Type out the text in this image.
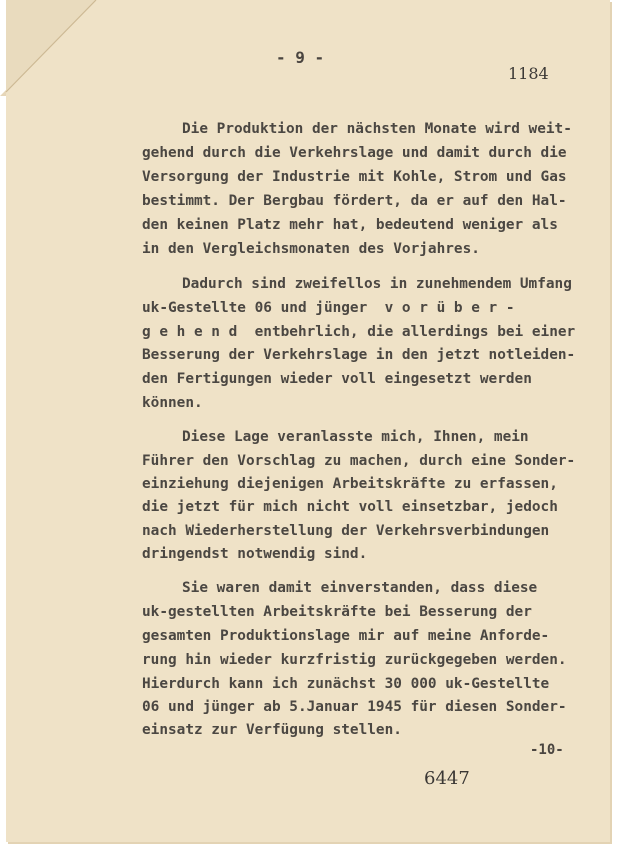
- 9 -
1184
Die Produktion der nächsten Monate wird weit-
gehend durch die Verkehrslage und damit durch die
Versorgung der Industrie mit Kohle, Strom und Gas
bestimmt. Der Bergbau fördert, da er auf den Hal-
den keinen Platz mehr hat, bedeutend weniger als
in den Vergleichsmonaten des Vorjahres.
Dadurch sind zweifellos in zunehmendem Umfang
uk-Gestellte 06 und jünger  v o r ü b e r -
g e h e n d  entbehrlich, die allerdings bei einer
Besserung der Verkehrslage in den jetzt notleiden-
den Fertigungen wieder voll eingesetzt werden
können.
Diese Lage veranlasste mich, Ihnen, mein
Führer den Vorschlag zu machen, durch eine Sonder-
einziehung diejenigen Arbeitskräfte zu erfassen,
die jetzt für mich nicht voll einsetzbar, jedoch
nach Wiederherstellung der Verkehrsverbindungen
dringendst notwendig sind.
Sie waren damit einverstanden, dass diese
uk-gestellten Arbeitskräfte bei Besserung der
gesamten Produktionslage mir auf meine Anforde-
rung hin wieder kurzfristig zurückgegeben werden.
Hierdurch kann ich zunächst 30 000 uk-Gestellte
06 und jünger ab 5.Januar 1945 für diesen Sonder-
einsatz zur Verfügung stellen.
-10-
6447
